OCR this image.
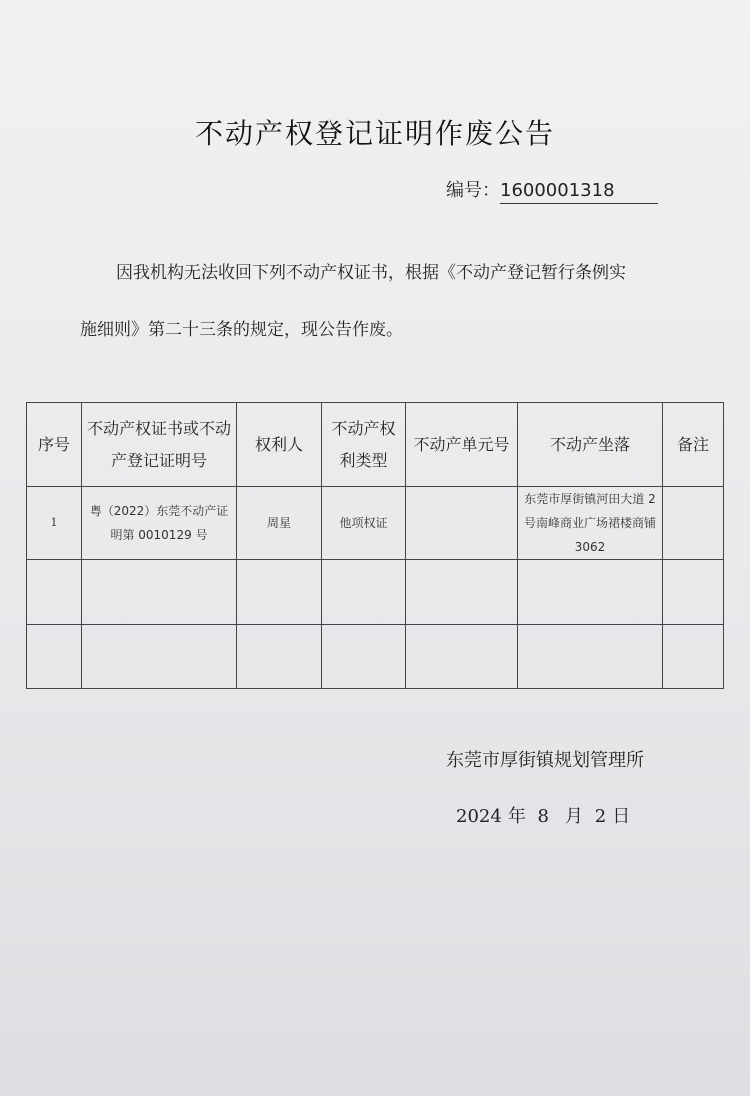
不动产权登记证明作废公告
编号：1600001318
因我机构无法收回下列不动产权证书，根据《不动产登记暂行条例实
施细则》第二十三条的规定，现公告作废。
序号	不动产权证书或不动产登记证明号	权利人	不动产权利类型	不动产单元号	不动产坐落	备注
1	粤（2022）东莞不动产证明第 0010129 号	周星	他项权证		东莞市厚街镇河田大道 2 号南峰商业广场裙楼商铺 3062	

东莞市厚街镇规划管理所
2024 年 8 月 2 日
